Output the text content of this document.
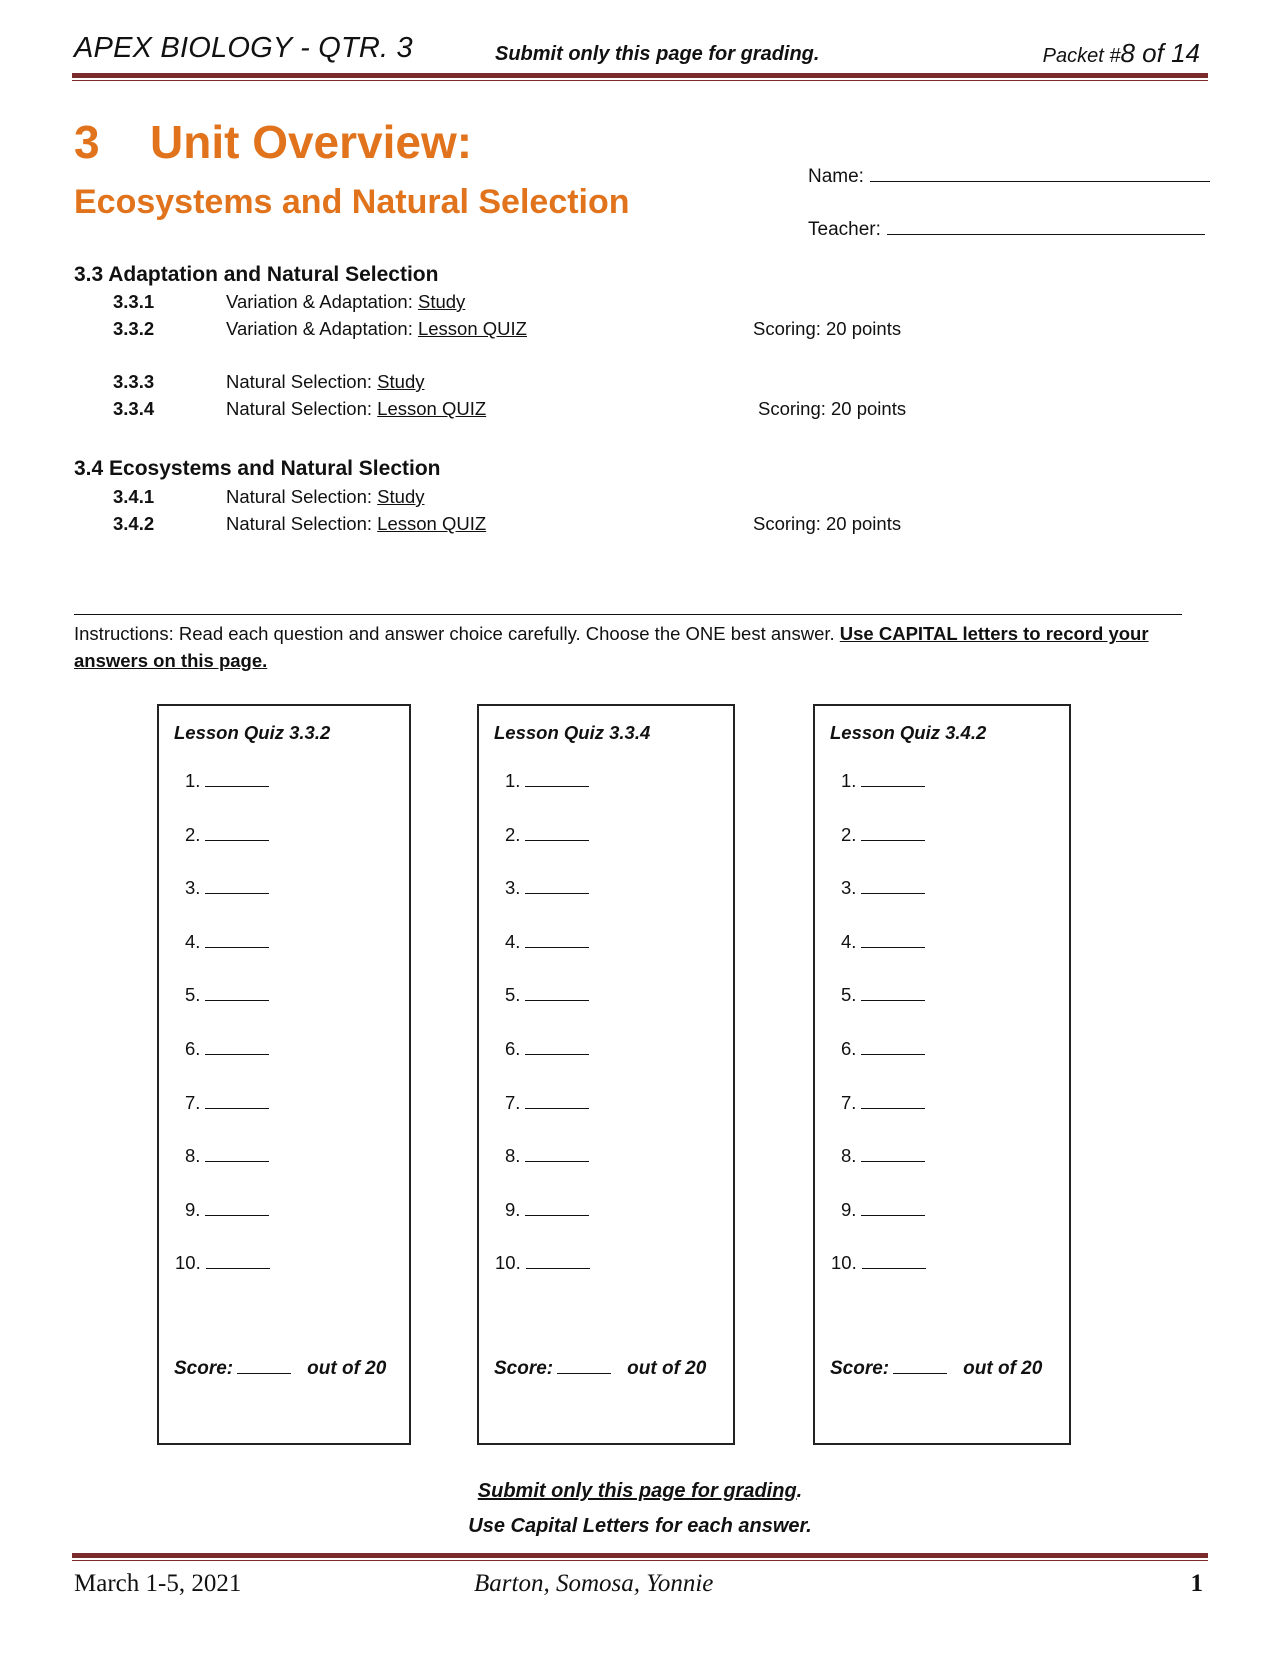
APEX BIOLOGY - QTR. 3	Submit only this page for grading.	Packet #8 of 14
3 Unit Overview:
Ecosystems and Natural Selection
Name:
Teacher:
3.3 Adaptation and Natural Selection
3.3.1	Variation & Adaptation: Study
3.3.2	Variation & Adaptation: Lesson QUIZ	Scoring: 20 points
3.3.3	Natural Selection: Study
3.3.4	Natural Selection: Lesson QUIZ	Scoring: 20 points
3.4 Ecosystems and Natural Slection
3.4.1	Natural Selection: Study
3.4.2	Natural Selection: Lesson QUIZ	Scoring: 20 points
Instructions: Read each question and answer choice carefully. Choose the ONE best answer. Use CAPITAL letters to record your answers on this page.
Lesson Quiz 3.3.2
1.
2.
3.
4.
5.
6.
7.
8.
9.
10.
Score:	out of 20
Lesson Quiz 3.3.4
1.
2.
3.
4.
5.
6.
7.
8.
9.
10.
Score:	out of 20
Lesson Quiz 3.4.2
1.
2.
3.
4.
5.
6.
7.
8.
9.
10.
Score:	out of 20
Submit only this page for grading.
Use Capital Letters for each answer.
March 1-5, 2021	Barton, Somosa, Yonnie	1
